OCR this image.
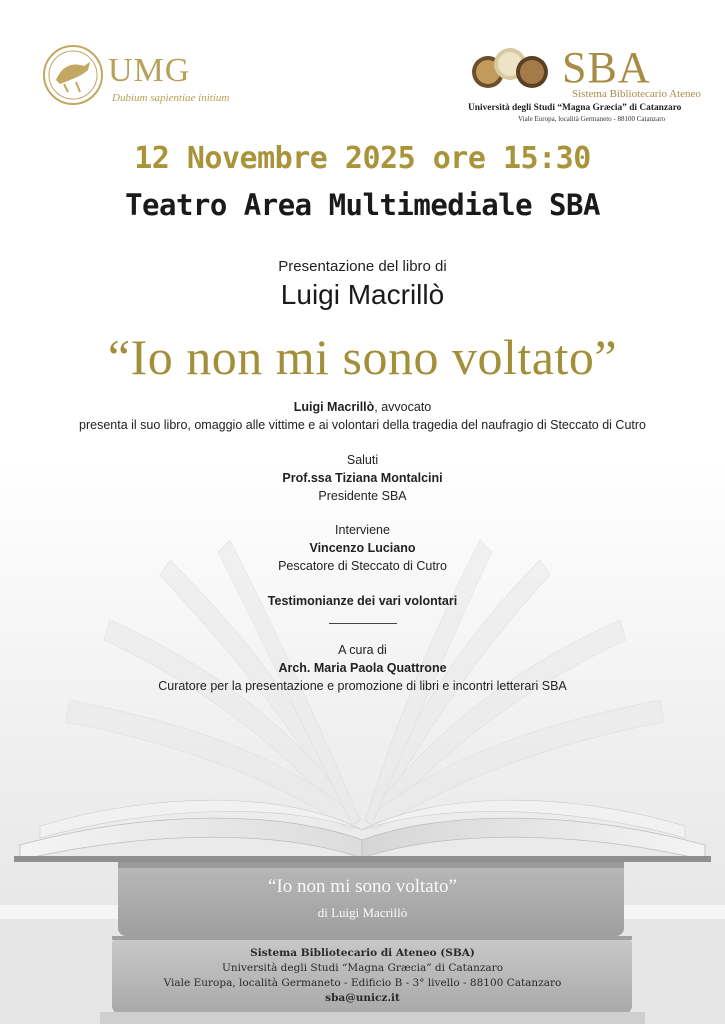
UMG
Dubium sapientiae initium
SBA
Sistema Bibliotecario Ateneo
Università degli Studi “Magna Græcia” di Catanzaro
Viale Europa, località Germaneto - 88100 Catanzaro
12 Novembre 2025 ore 15:30
Teatro Area Multimediale SBA
Presentazione del libro di
Luigi Macrillò
“Io non mi sono voltato”
Luigi Macrillò, avvocato
presenta il suo libro, omaggio alle vittime e ai volontari della tragedia del naufragio di Steccato di Cutro
Saluti
Prof.ssa Tiziana Montalcini
Presidente SBA
Interviene
Vincenzo Luciano
Pescatore di Steccato di Cutro
Testimonianze dei vari volontari
A cura di
Arch. Maria Paola Quattrone
Curatore per la presentazione e promozione di libri e incontri letterari SBA
“Io non mi sono voltato”
di Luigi Macrillò
Sistema Bibliotecario di Ateneo (SBA)
Università degli Studi “Magna Græcia” di Catanzaro
Viale Europa, località Germaneto - Edificio B - 3° livello - 88100 Catanzaro
sba@unicz.it
